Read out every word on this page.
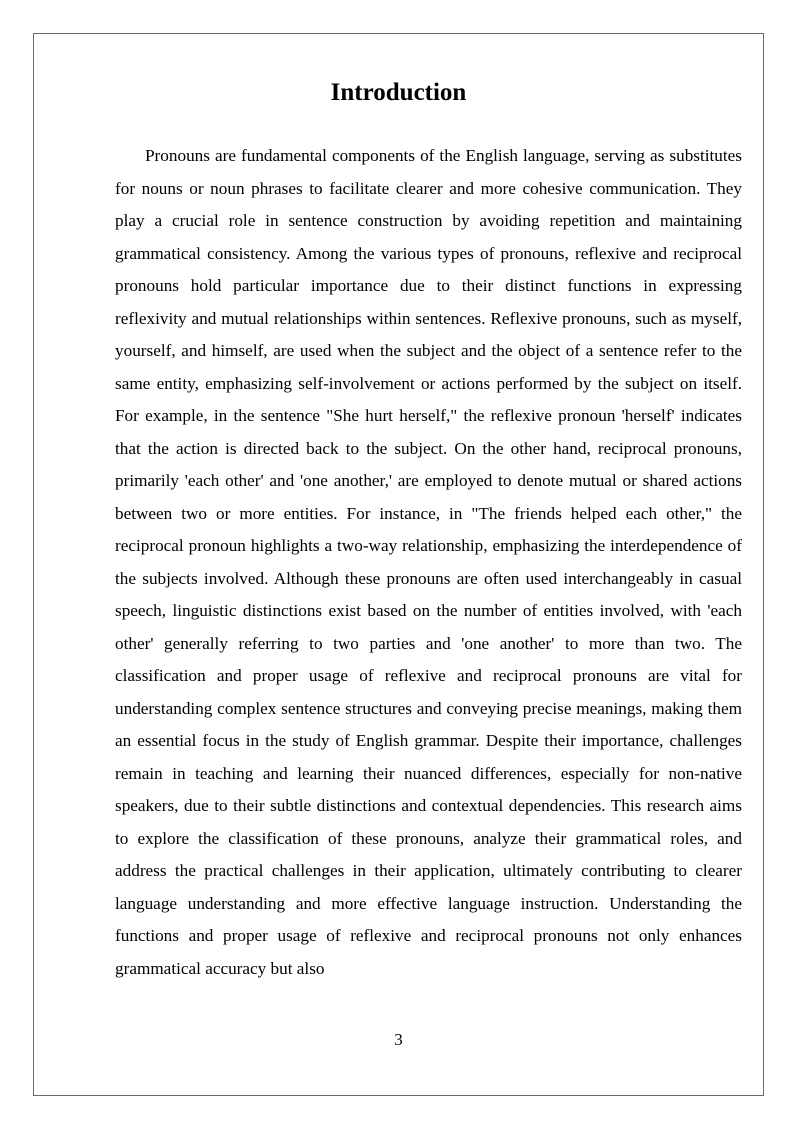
Introduction

Pronouns are fundamental components of the English language, serving as substitutes for nouns or noun phrases to facilitate clearer and more cohesive communication. They play a crucial role in sentence construction by avoiding repetition and maintaining grammatical consistency. Among the various types of pronouns, reflexive and reciprocal pronouns hold particular importance due to their distinct functions in expressing reflexivity and mutual relationships within sentences. Reflexive pronouns, such as myself, yourself, and himself, are used when the subject and the object of a sentence refer to the same entity, emphasizing self-involvement or actions performed by the subject on itself. For example, in the sentence "She hurt herself," the reflexive pronoun 'herself' indicates that the action is directed back to the subject. On the other hand, reciprocal pronouns, primarily 'each other' and 'one another,' are employed to denote mutual or shared actions between two or more entities. For instance, in "The friends helped each other," the reciprocal pronoun highlights a two-way relationship, emphasizing the interdependence of the subjects involved. Although these pronouns are often used interchangeably in casual speech, linguistic distinctions exist based on the number of entities involved, with 'each other' generally referring to two parties and 'one another' to more than two. The classification and proper usage of reflexive and reciprocal pronouns are vital for understanding complex sentence structures and conveying precise meanings, making them an essential focus in the study of English grammar. Despite their importance, challenges remain in teaching and learning their nuanced differences, especially for non-native speakers, due to their subtle distinctions and contextual dependencies. This research aims to explore the classification of these pronouns, analyze their grammatical roles, and address the practical challenges in their application, ultimately contributing to clearer language understanding and more effective language instruction. Understanding the functions and proper usage of reflexive and reciprocal pronouns not only enhances grammatical accuracy but also

3
